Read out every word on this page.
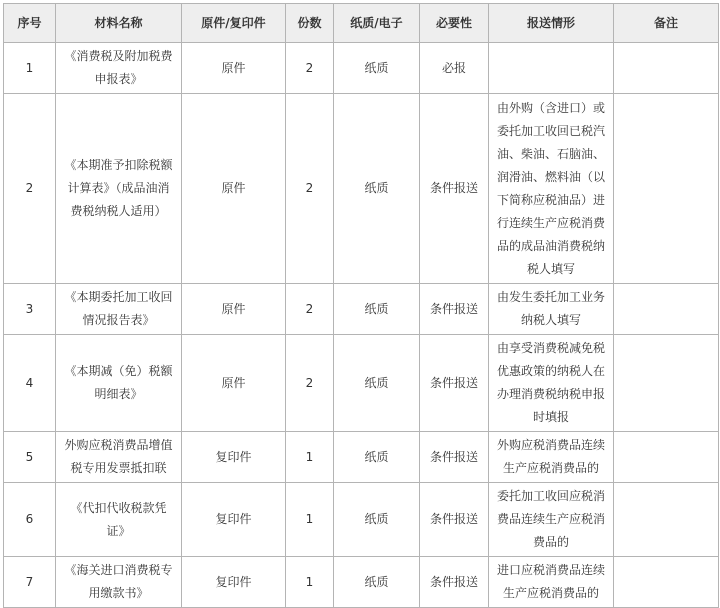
序号	材料名称	原件/复印件	份数	纸质/电子	必要性	报送情形	备注
1	《消费税及附加税费申报表》	原件	2	纸质	必报		
2	《本期准予扣除税额计算表》（成品油消费税纳税人适用）	原件	2	纸质	条件报送	由外购（含进口）或委托加工收回已税汽油、柴油、石脑油、润滑油、燃料油（以下简称应税油品）进行连续生产应税消费品的成品油消费税纳税人填写	
3	《本期委托加工收回情况报告表》	原件	2	纸质	条件报送	由发生委托加工业务纳税人填写	
4	《本期减（免）税额明细表》	原件	2	纸质	条件报送	由享受消费税减免税优惠政策的纳税人在办理消费税纳税申报时填报	
5	外购应税消费品增值税专用发票抵扣联	复印件	1	纸质	条件报送	外购应税消费品连续生产应税消费品的	
6	《代扣代收税款凭证》	复印件	1	纸质	条件报送	委托加工收回应税消费品连续生产应税消费品的	
7	《海关进口消费税专用缴款书》	复印件	1	纸质	条件报送	进口应税消费品连续生产应税消费品的	
